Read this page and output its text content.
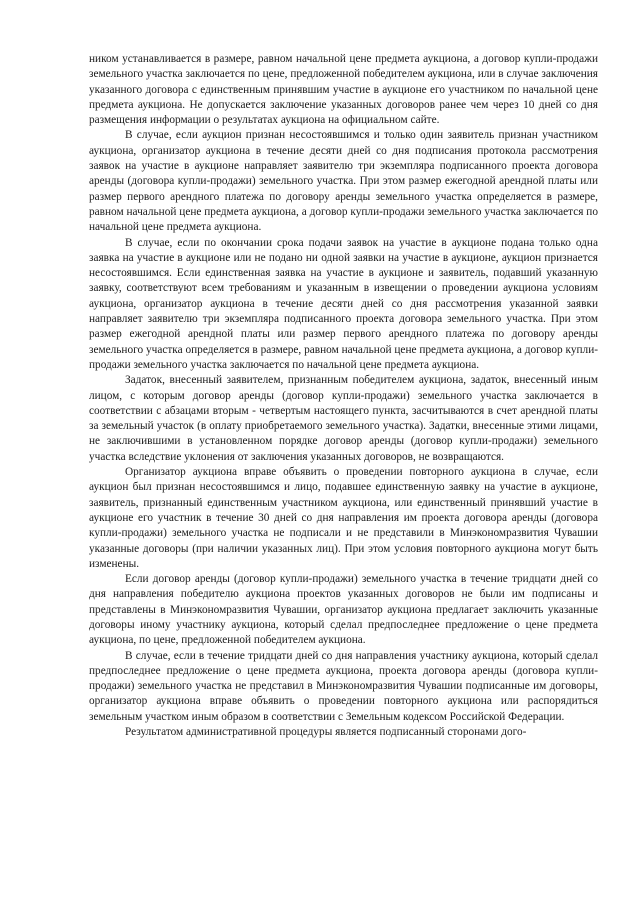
ником устанавливается в размере, равном начальной цене предмета аукциона, а договор купли-продажи земельного участка заключается по цене, предложенной победителем аукциона, или в случае заключения указанного договора с единственным принявшим участие в аукционе его участником по начальной цене предмета аукциона. Не допускается заключение указанных договоров ранее чем через 10 дней со дня размещения информации о результатах аукциона на официальном сайте.

В случае, если аукцион признан несостоявшимся и только один заявитель признан участником аукциона, организатор аукциона в течение десяти дней со дня подписания протокола рассмотрения заявок на участие в аукционе направляет заявителю три экземпляра подписанного проекта договора аренды (договора купли-продажи) земельного участка. При этом размер ежегодной арендной платы или размер первого арендного платежа по договору аренды земельного участка определяется в размере, равном начальной цене предмета аукциона, а договор купли-продажи земельного участка заключается по начальной цене предмета аукциона.

В случае, если по окончании срока подачи заявок на участие в аукционе подана только одна заявка на участие в аукционе или не подано ни одной заявки на участие в аукционе, аукцион признается несостоявшимся. Если единственная заявка на участие в аукционе и заявитель, подавший указанную заявку, соответствуют всем требованиям и указанным в извещении о проведении аукциона условиям аукциона, организатор аукциона в течение десяти дней со дня рассмотрения указанной заявки направляет заявителю три экземпляра подписанного проекта договора земельного участка. При этом размер ежегодной арендной платы или размер первого арендного платежа по договору аренды земельного участка определяется в размере, равном начальной цене предмета аукциона, а договор купли-продажи земельного участка заключается по начальной цене предмета аукциона.

Задаток, внесенный заявителем, признанным победителем аукциона, задаток, внесенный иным лицом, с которым договор аренды (договор купли-продажи) земельного участка заключается в соответствии с абзацами вторым - четвертым настоящего пункта, засчитываются в счет арендной платы за земельный участок (в оплату приобретаемого земельного участка). Задатки, внесенные этими лицами, не заключившими в установленном порядке договор аренды (договор купли-продажи) земельного участка вследствие уклонения от заключения указанных договоров, не возвращаются.

Организатор аукциона вправе объявить о проведении повторного аукциона в случае, если аукцион был признан несостоявшимся и лицо, подавшее единственную заявку на участие в аукционе, заявитель, признанный единственным участником аукциона, или единственный принявший участие в аукционе его участник в течение 30 дней со дня направления им проекта договора аренды (договора купли-продажи) земельного участка не подписали и не представили в Минэкономразвития Чувашии указанные договоры (при наличии указанных лиц). При этом условия повторного аукциона могут быть изменены.

Если договор аренды (договор купли-продажи) земельного участка в течение тридцати дней со дня направления победителю аукциона проектов указанных договоров не были им подписаны и представлены в Минэкономразвития Чувашии, организатор аукциона предлагает заключить указанные договоры иному участнику аукциона, который сделал предпоследнее предложение о цене предмета аукциона, по цене, предложенной победителем аукциона.

В случае, если в течение тридцати дней со дня направления участнику аукциона, который сделал предпоследнее предложение о цене предмета аукциона, проекта договора аренды (договора купли-продажи) земельного участка не представил в Минэкономразвития Чувашии подписанные им договоры, организатор аукциона вправе объявить о проведении повторного аукциона или распорядиться земельным участком иным образом в соответствии с Земельным кодексом Российской Федерации.

Результатом административной процедуры является подписанный сторонами дого-
